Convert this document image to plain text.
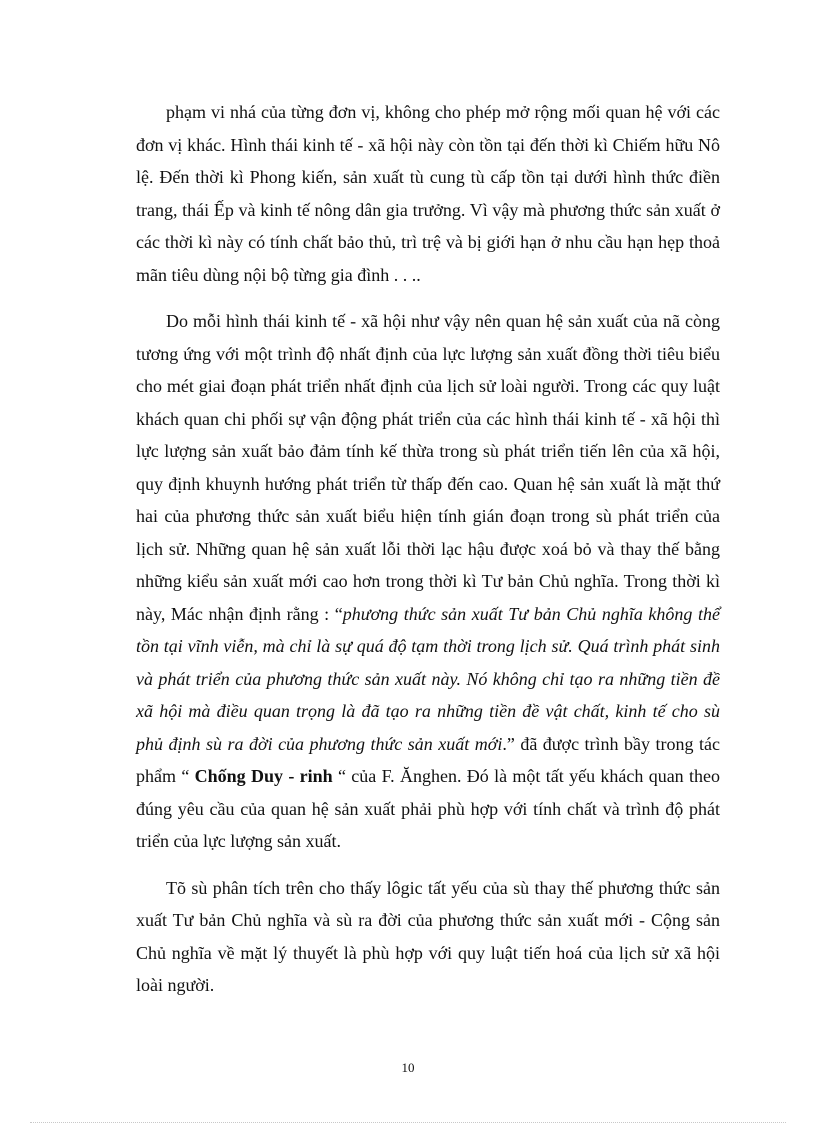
phạm vi nhá của từng đơn vị, không cho phép mở rộng mối quan hệ với các đơn vị khác. Hình thái kinh tế - xã hội này còn tồn tại đến thời kì Chiếm hữu Nô lệ. Đến thời kì Phong kiến, sản xuất tù cung tù cấp tồn tại dưới hình thức điền trang, thái Ếp và kinh tế nông dân gia trưởng. Vì vậy mà phương thức sản xuất ở các thời kì này có tính chất bảo thủ, trì trệ và bị giới hạn ở nhu cầu hạn hẹp thoả mãn tiêu dùng nội bộ từng gia đình . . ..

Do mỗi hình thái kinh tế - xã hội như vậy nên quan hệ sản xuất của nã còng tương ứng với một trình độ nhất định của lực lượng sản xuất đồng thời tiêu biểu cho mét giai đoạn phát triển nhất định của lịch sử loài người. Trong các quy luật khách quan chi phối sự vận động phát triển của các hình thái kinh tế - xã hội thì lực lượng sản xuất bảo đảm tính kế thừa trong sù phát triển tiến lên của xã hội, quy định khuynh hướng phát triển từ thấp đến cao. Quan hệ sản xuất là mặt thứ hai của phương thức sản xuất biểu hiện tính gián đoạn trong sù phát triển của lịch sử. Những quan hệ sản xuất lỗi thời lạc hậu được xoá bỏ và thay thế bằng những kiểu sản xuất mới cao hơn trong thời kì Tư bản Chủ nghĩa. Trong thời kì này, Mác nhận định rằng : “phương thức sản xuất Tư bản Chủ nghĩa không thể tồn tại vĩnh viễn, mà chỉ là sự quá độ tạm thời trong lịch sử. Quá trình phát sinh và phát triển của phương thức sản xuất này. Nó không chỉ tạo ra những tiền đề xã hội mà điều quan trọng là đã tạo ra những tiền đề vật chất, kinh tế cho sù phủ định sù ra đời của phương thức sản xuất mới.” đã được trình bầy trong tác phẩm “ Chống Duy - rinh “ của F. Ănghen. Đó là một tất yếu khách quan theo đúng yêu cầu của quan hệ sản xuất phải phù hợp với tính chất và trình độ phát triển của lực lượng sản xuất.

Tõ sù phân tích trên cho thấy lôgic tất yếu của sù thay thế phương thức sản xuất Tư bản Chủ nghĩa và sù ra đời của phương thức sản xuất mới - Cộng sản Chủ nghĩa về mặt lý thuyết là phù hợp với quy luật tiến hoá của lịch sử xã hội loài người.

10
